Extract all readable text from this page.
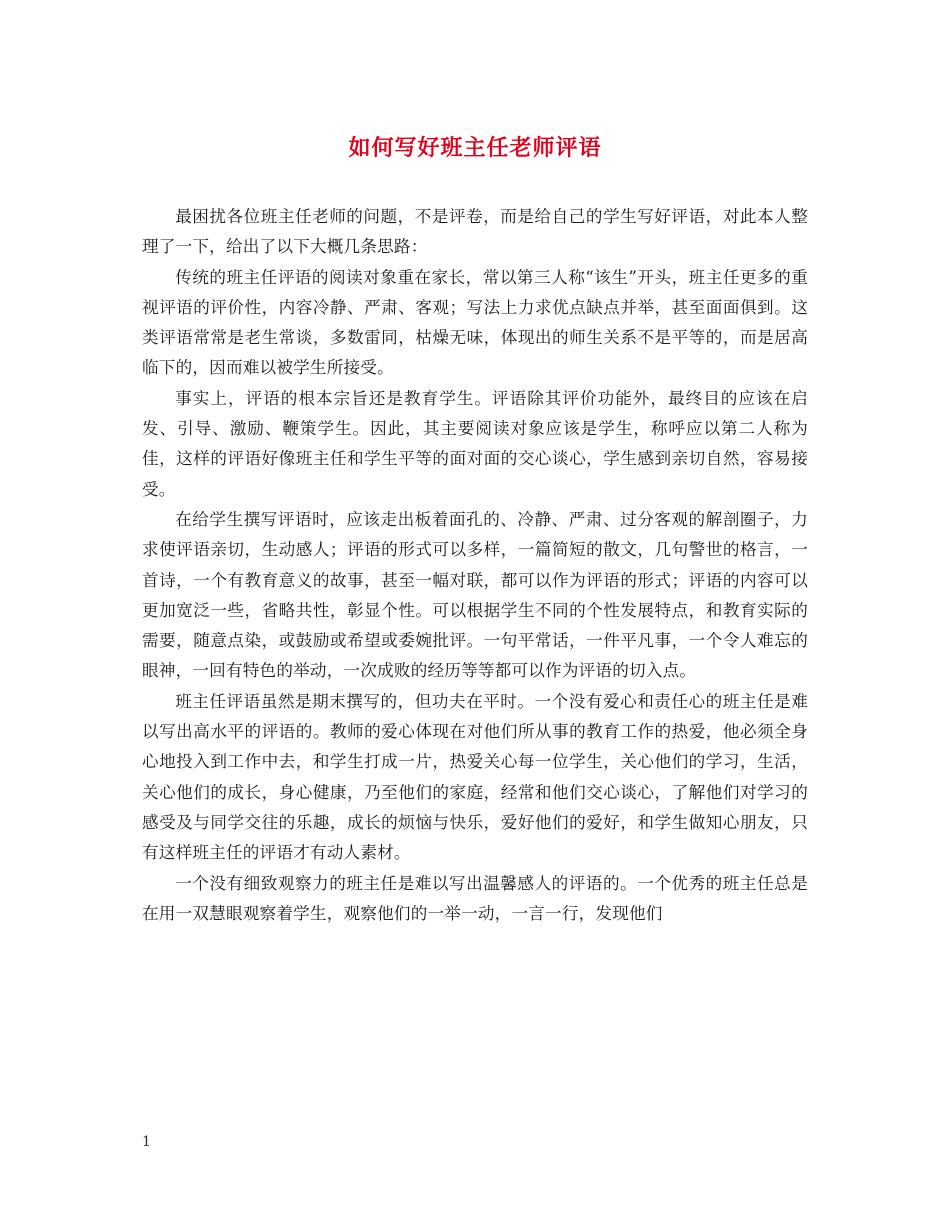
如何写好班主任老师评语

最困扰各位班主任老师的问题，不是评卷，而是给自己的学生写好评语，对此本人整理了一下，给出了以下大概几条思路：

传统的班主任评语的阅读对象重在家长，常以第三人称“该生”开头，班主任更多的重视评语的评价性，内容冷静、严肃、客观；写法上力求优点缺点并举，甚至面面俱到。这类评语常常是老生常谈，多数雷同，枯燥无味，体现出的师生关系不是平等的，而是居高临下的，因而难以被学生所接受。

事实上，评语的根本宗旨还是教育学生。评语除其评价功能外，最终目的应该在启发、引导、激励、鞭策学生。因此，其主要阅读对象应该是学生，称呼应以第二人称为佳，这样的评语好像班主任和学生平等的面对面的交心谈心，学生感到亲切自然，容易接受。

在给学生撰写评语时，应该走出板着面孔的、冷静、严肃、过分客观的解剖圈子，力求使评语亲切，生动感人；评语的形式可以多样，一篇简短的散文，几句警世的格言，一首诗，一个有教育意义的故事，甚至一幅对联，都可以作为评语的形式；评语的内容可以更加宽泛一些，省略共性，彰显个性。可以根据学生不同的个性发展特点，和教育实际的需要，随意点染，或鼓励或希望或委婉批评。一句平常话，一件平凡事，一个令人难忘的眼神，一回有特色的举动，一次成败的经历等等都可以作为评语的切入点。

班主任评语虽然是期末撰写的，但功夫在平时。一个没有爱心和责任心的班主任是难以写出高水平的评语的。教师的爱心体现在对他们所从事的教育工作的热爱，他必须全身心地投入到工作中去，和学生打成一片，热爱关心每一位学生，关心他们的学习，生活，关心他们的成长，身心健康，乃至他们的家庭，经常和他们交心谈心，了解他们对学习的感受及与同学交往的乐趣，成长的烦恼与快乐，爱好他们的爱好，和学生做知心朋友，只有这样班主任的评语才有动人素材。

一个没有细致观察力的班主任是难以写出温馨感人的评语的。一个优秀的班主任总是在用一双慧眼观察着学生，观察他们的一举一动，一言一行，发现他们

1
